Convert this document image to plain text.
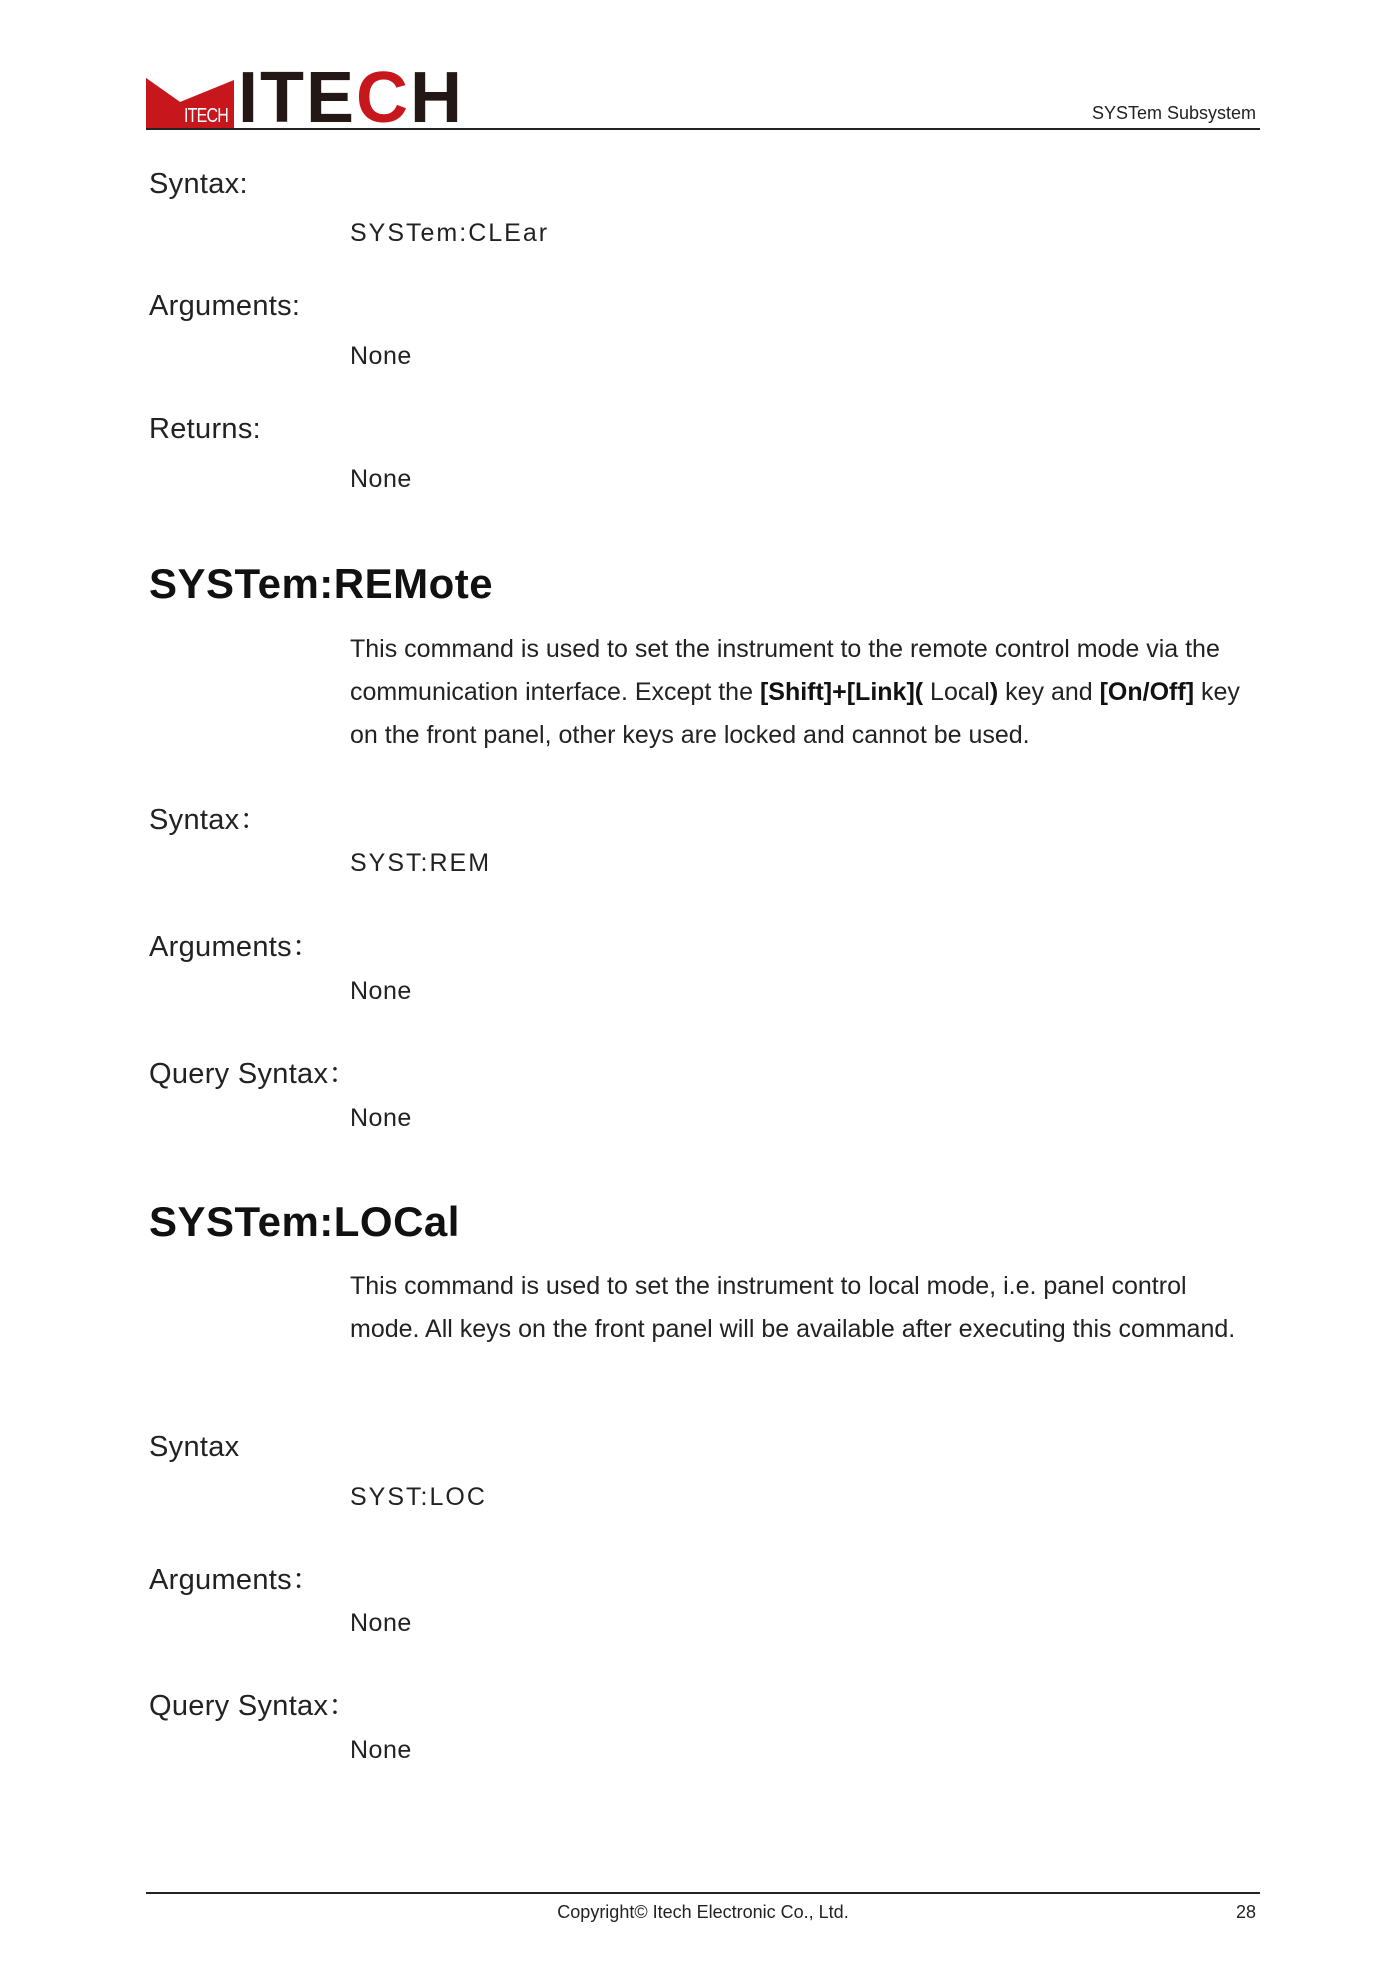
ITECH ITECH	SYSTem Subsystem
Syntax:
SYSTem:CLEar
Arguments:
None
Returns:
None
SYSTem:REMote
This command is used to set the instrument to the remote control mode via the communication interface. Except the [Shift]+[Link]( Local) key and [On/Off] key on the front panel, other keys are locked and cannot be used.
Syntax：
SYST:REM
Arguments：
None
Query Syntax：
None
SYSTem:LOCal
This command is used to set the instrument to local mode, i.e. panel control mode. All keys on the front panel will be available after executing this command.
Syntax
SYST:LOC
Arguments：
None
Query Syntax：
None
Copyright© Itech Electronic Co., Ltd.	28
